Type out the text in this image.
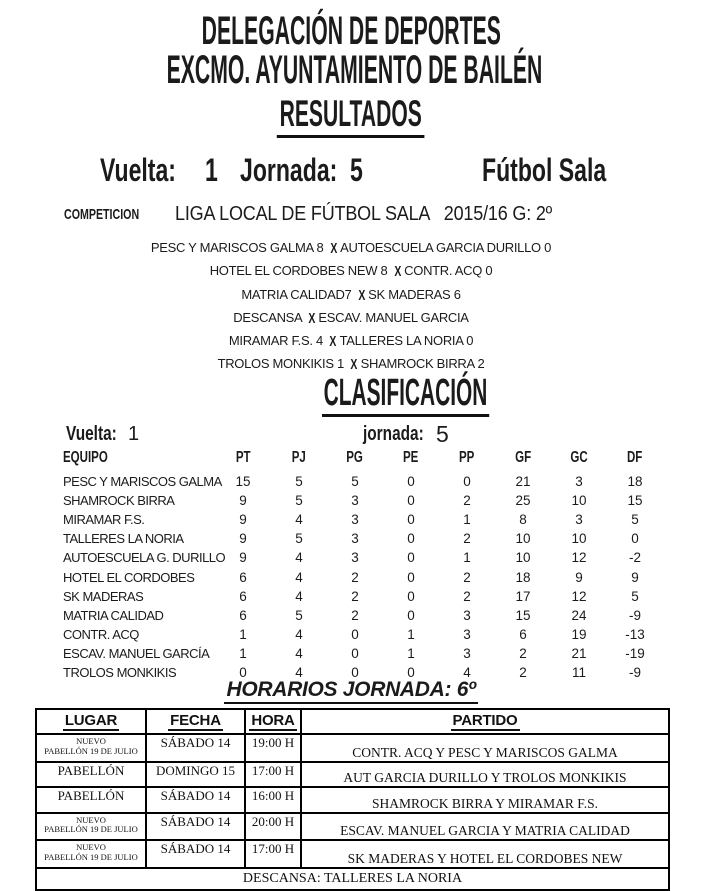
DELEGACIÓN DE DEPORTES
EXCMO. AYUNTAMIENTO DE BAILÉN
RESULTADOS
Vuelta: 1 Jornada: 5	Fútbol Sala
COMPETICION LIGA LOCAL DE FÚTBOL SALA 2015/16 G: 2º
PESC Y MARISCOS GALMA 8 X AUTOESCUELA GARCIA DURILLO 0
HOTEL EL CORDOBES NEW 8 X CONTR. ACQ 0
MATRIA CALIDAD7 X SK MADERAS 6
DESCANSA X ESCAV. MANUEL GARCIA
MIRAMAR F.S. 4 X TALLERES LA NORIA 0
TROLOS MONKIKIS 1 X SHAMROCK BIRRA 2
CLASIFICACIÓN
Vuelta: 1	jornada: 5
EQUIPO	PT	PJ	PG	PE	PP	GF	GC	DF
PESC Y MARISCOS GALMA	15	5	5	0	0	21	3	18
SHAMROCK BIRRA	9	5	3	0	2	25	10	15
MIRAMAR F.S.	9	4	3	0	1	8	3	5
TALLERES LA NORIA	9	5	3	0	2	10	10	0
AUTOESCUELA G. DURILLO	9	4	3	0	1	10	12	-2
HOTEL EL CORDOBES	6	4	2	0	2	18	9	9
SK MADERAS	6	4	2	0	2	17	12	5
MATRIA CALIDAD	6	5	2	0	3	15	24	-9
CONTR. ACQ	1	4	0	1	3	6	19	-13
ESCAV. MANUEL GARCÍA	1	4	0	1	3	2	21	-19
TROLOS MONKIKIS	0	4	0	0	4	2	11	-9
HORARIOS JORNADA: 6º
LUGAR	FECHA	HORA	PARTIDO

NUEVO
PABELLÓN 19 DE JULIO	SÁBADO 14	19:00 H	CONTR. ACQ Y PESC Y MARISCOS GALMA

PABELLÓN	DOMINGO 15	17:00 H	AUT GARCIA DURILLO Y TROLOS MONKIKIS

PABELLÓN	SÁBADO 14	16:00 H	SHAMROCK BIRRA Y MIRAMAR F.S.

NUEVO
PABELLÓN 19 DE JULIO	SÁBADO 14	20:00 H	ESCAV. MANUEL GARCIA Y MATRIA CALIDAD

NUEVO
PABELLÓN 19 DE JULIO	SÁBADO 14	17:00 H	SK MADERAS Y HOTEL EL CORDOBES NEW
DESCANSA: TALLERES LA NORIA			
